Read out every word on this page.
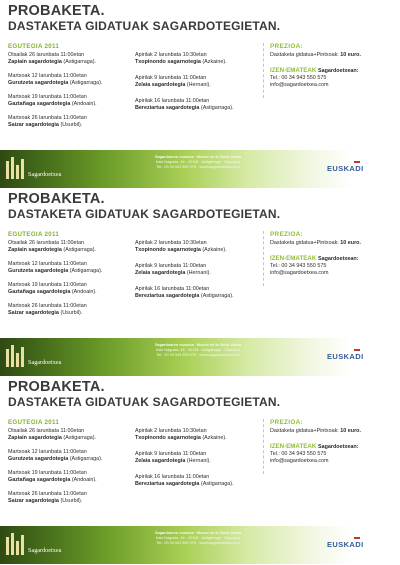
PROBAKETA.
DASTAKETA GIDATUAK SAGARDOTEGIETAN.
EGUTEGIA 2011
Otsailak 26 larunbata 11:00etan
Zapiain sagardotegia (Astigarraga).
Martxoak 12 larunbata 11:00etan
Gurutzeta sagardotegia (Astigarraga).
Martxoak 19 larunbata 11:00etan
Gaztañaga sagardotegia (Andoain).
Martxoak 26 larunbata 11:00etan
Saizar sagardotegia (Usurbil).
Apirilak 2 larunbata 10:30etan
Txopinondo sagarnotegia (Azkaine).
Apirilak 9 larunbata 11:00etan
Zelaia sagardotegia (Hernani).
Apirilak 16 larunbata 11:00etan
Bereziartua sagardotegia (Astigarraga).
PREZIOA:
Dastaketa gidatua+Pintxoak: 10 euro.
IZEN-EMATEAK Sagardoetxean:
Tel.: 00 34 943 550 575
info@sagardoetxea.com
Sagardoetxea
Sagardoaren museoa · Museo de la Sidra Vasca
Kale Nagusia, 48 · 20115 · Astigarraga · Gipuzkoa
Tel.: 00 34 943 550 575 · www.sagardoetxea.com	EUSKADI
PROBAKETA.
DASTAKETA GIDATUAK SAGARDOTEGIETAN.
EGUTEGIA 2011
Otsailak 26 larunbata 11:00etan
Zapiain sagardotegia (Astigarraga).
Martxoak 12 larunbata 11:00etan
Gurutzeta sagardotegia (Astigarraga).
Martxoak 19 larunbata 11:00etan
Gaztañaga sagardotegia (Andoain).
Martxoak 26 larunbata 11:00etan
Saizar sagardotegia (Usurbil).
Apirilak 2 larunbata 10:30etan
Txopinondo sagarnotegia (Azkaine).
Apirilak 9 larunbata 11:00etan
Zelaia sagardotegia (Hernani).
Apirilak 16 larunbata 11:00etan
Bereziartua sagardotegia (Astigarraga).
PREZIOA:
Dastaketa gidatua+Pintxoak: 10 euro.
IZEN-EMATEAK Sagardoetxean:
Tel.: 00 34 943 550 575
info@sagardoetxea.com
Sagardoetxea
Sagardoaren museoa · Museo de la Sidra Vasca
Kale Nagusia, 48 · 20115 · Astigarraga · Gipuzkoa
Tel.: 00 34 943 550 575 · www.sagardoetxea.com	EUSKADI
PROBAKETA.
DASTAKETA GIDATUAK SAGARDOTEGIETAN.
EGUTEGIA 2011
Otsailak 26 larunbata 11:00etan
Zapiain sagardotegia (Astigarraga).
Martxoak 12 larunbata 11:00etan
Gurutzeta sagardotegia (Astigarraga).
Martxoak 19 larunbata 11:00etan
Gaztañaga sagardotegia (Andoain).
Martxoak 26 larunbata 11:00etan
Saizar sagardotegia (Usurbil).
Apirilak 2 larunbata 10:30etan
Txopinondo sagarnotegia (Azkaine).
Apirilak 9 larunbata 11:00etan
Zelaia sagardotegia (Hernani).
Apirilak 16 larunbata 11:00etan
Bereziartua sagardotegia (Astigarraga).
PREZIOA:
Dastaketa gidatua+Pintxoak: 10 euro.
IZEN-EMATEAK Sagardoetxean:
Tel.: 00 34 943 550 575
info@sagardoetxea.com
Sagardoetxea
Sagardoaren museoa · Museo de la Sidra Vasca
Kale Nagusia, 48 · 20115 · Astigarraga · Gipuzkoa
Tel.: 00 34 943 550 575 · www.sagardoetxea.com	EUSKADI
